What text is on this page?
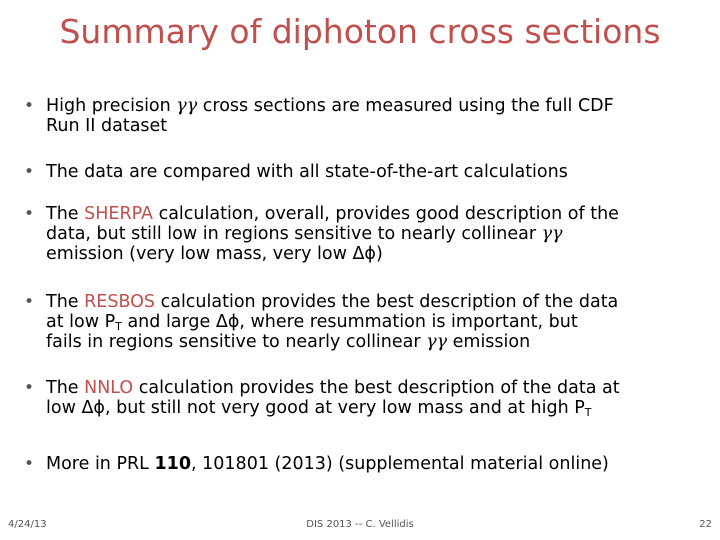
Summary of diphoton cross sections
• High precision γγ cross sections are measured using the full CDF
Run II dataset
• The data are compared with all state-of-the-art calculations
• The SHERPA calculation, overall, provides good description of the
data, but still low in regions sensitive to nearly collinear γγ
emission (very low mass, very low Δϕ)
• The RESBOS calculation provides the best description of the data
at low $P_T$ and large Δϕ, where resummation is important, but
fails in regions sensitive to nearly collinear γγ emission
• The NNLO calculation provides the best description of the data at
low Δϕ, but still not very good at very low mass and at high $P_T$
• More in PRL 110, 101801 (2013) (supplemental material online)
4/24/13	DIS 2013 -- C. Vellidis	22
